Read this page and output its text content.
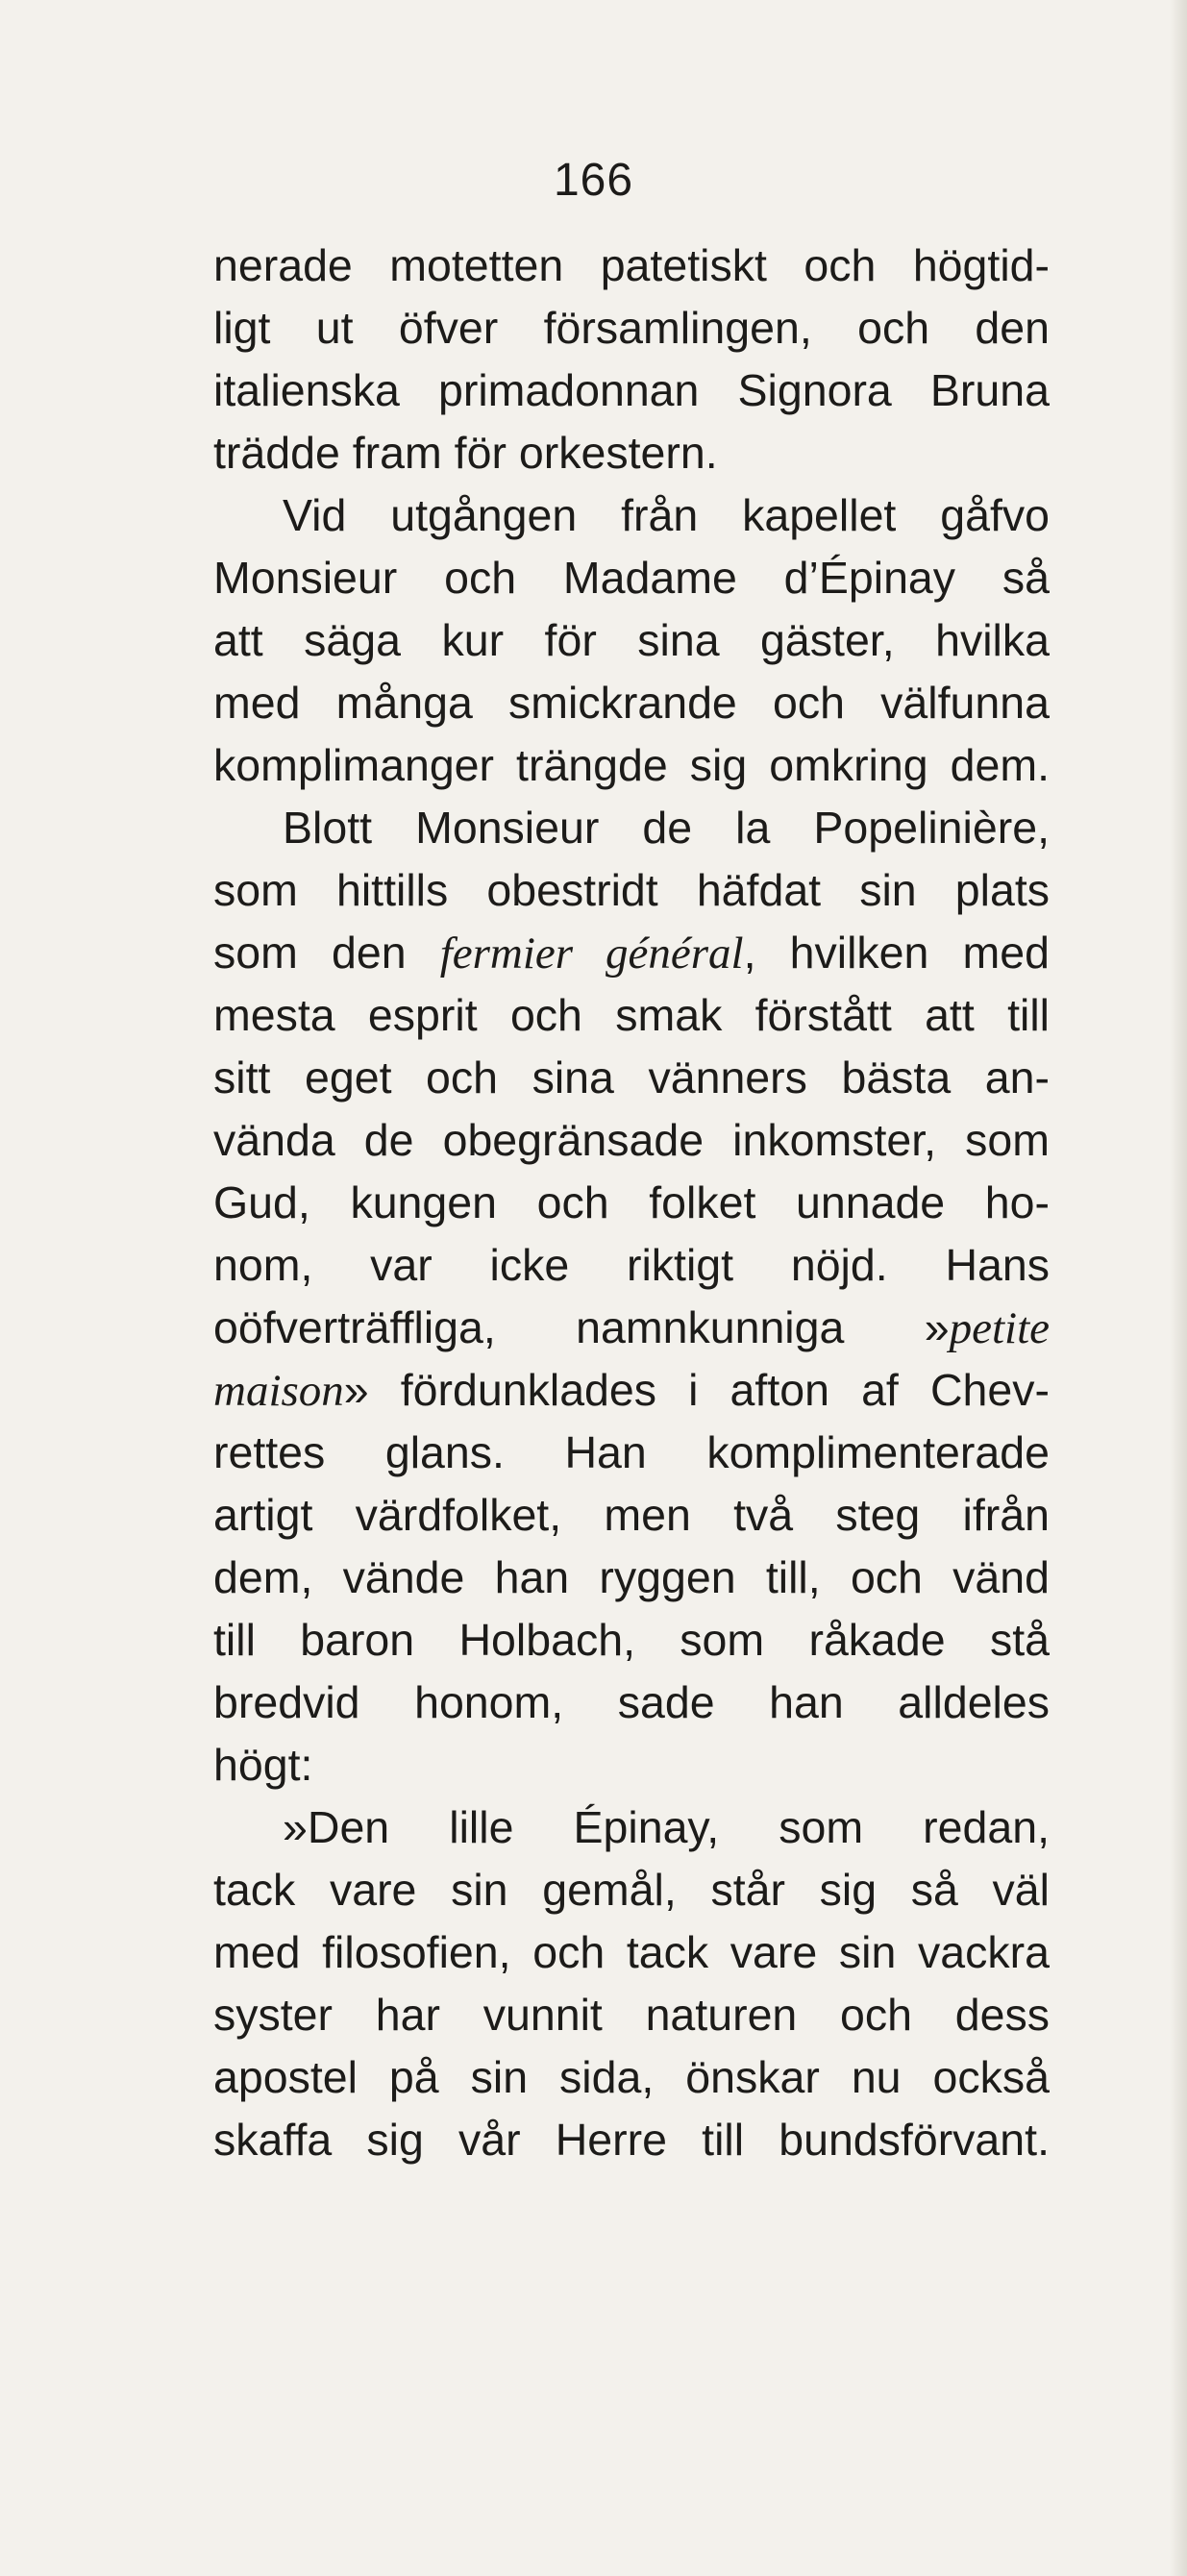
166
nerade motetten patetiskt och högtid-
ligt ut öfver församlingen, och den
italienska primadonnan Signora Bruna
trädde fram för orkestern.
Vid utgången från kapellet gåfvo
Monsieur och Madame d’Épinay så
att säga kur för sina gäster, hvilka
med många smickrande och välfunna
komplimanger trängde sig omkring dem.
Blott Monsieur de la Popelinière,
som hittills obestridt häfdat sin plats
som den fermier général, hvilken med
mesta esprit och smak förstått att till
sitt eget och sina vänners bästa an-
vända de obegränsade inkomster, som
Gud, kungen och folket unnade ho-
nom, var icke riktigt nöjd. Hans
oöfverträffliga, namnkunniga »petite
maison» fördunklades i afton af Chev-
rettes glans. Han komplimenterade
artigt värdfolket, men två steg ifrån
dem, vände han ryggen till, och vänd
till baron Holbach, som råkade stå
bredvid honom, sade han alldeles
högt:
»Den lille Épinay, som redan,
tack vare sin gemål, står sig så väl
med filosofien, och tack vare sin vackra
syster har vunnit naturen och dess
apostel på sin sida, önskar nu också
skaffa sig vår Herre till bundsförvant.
